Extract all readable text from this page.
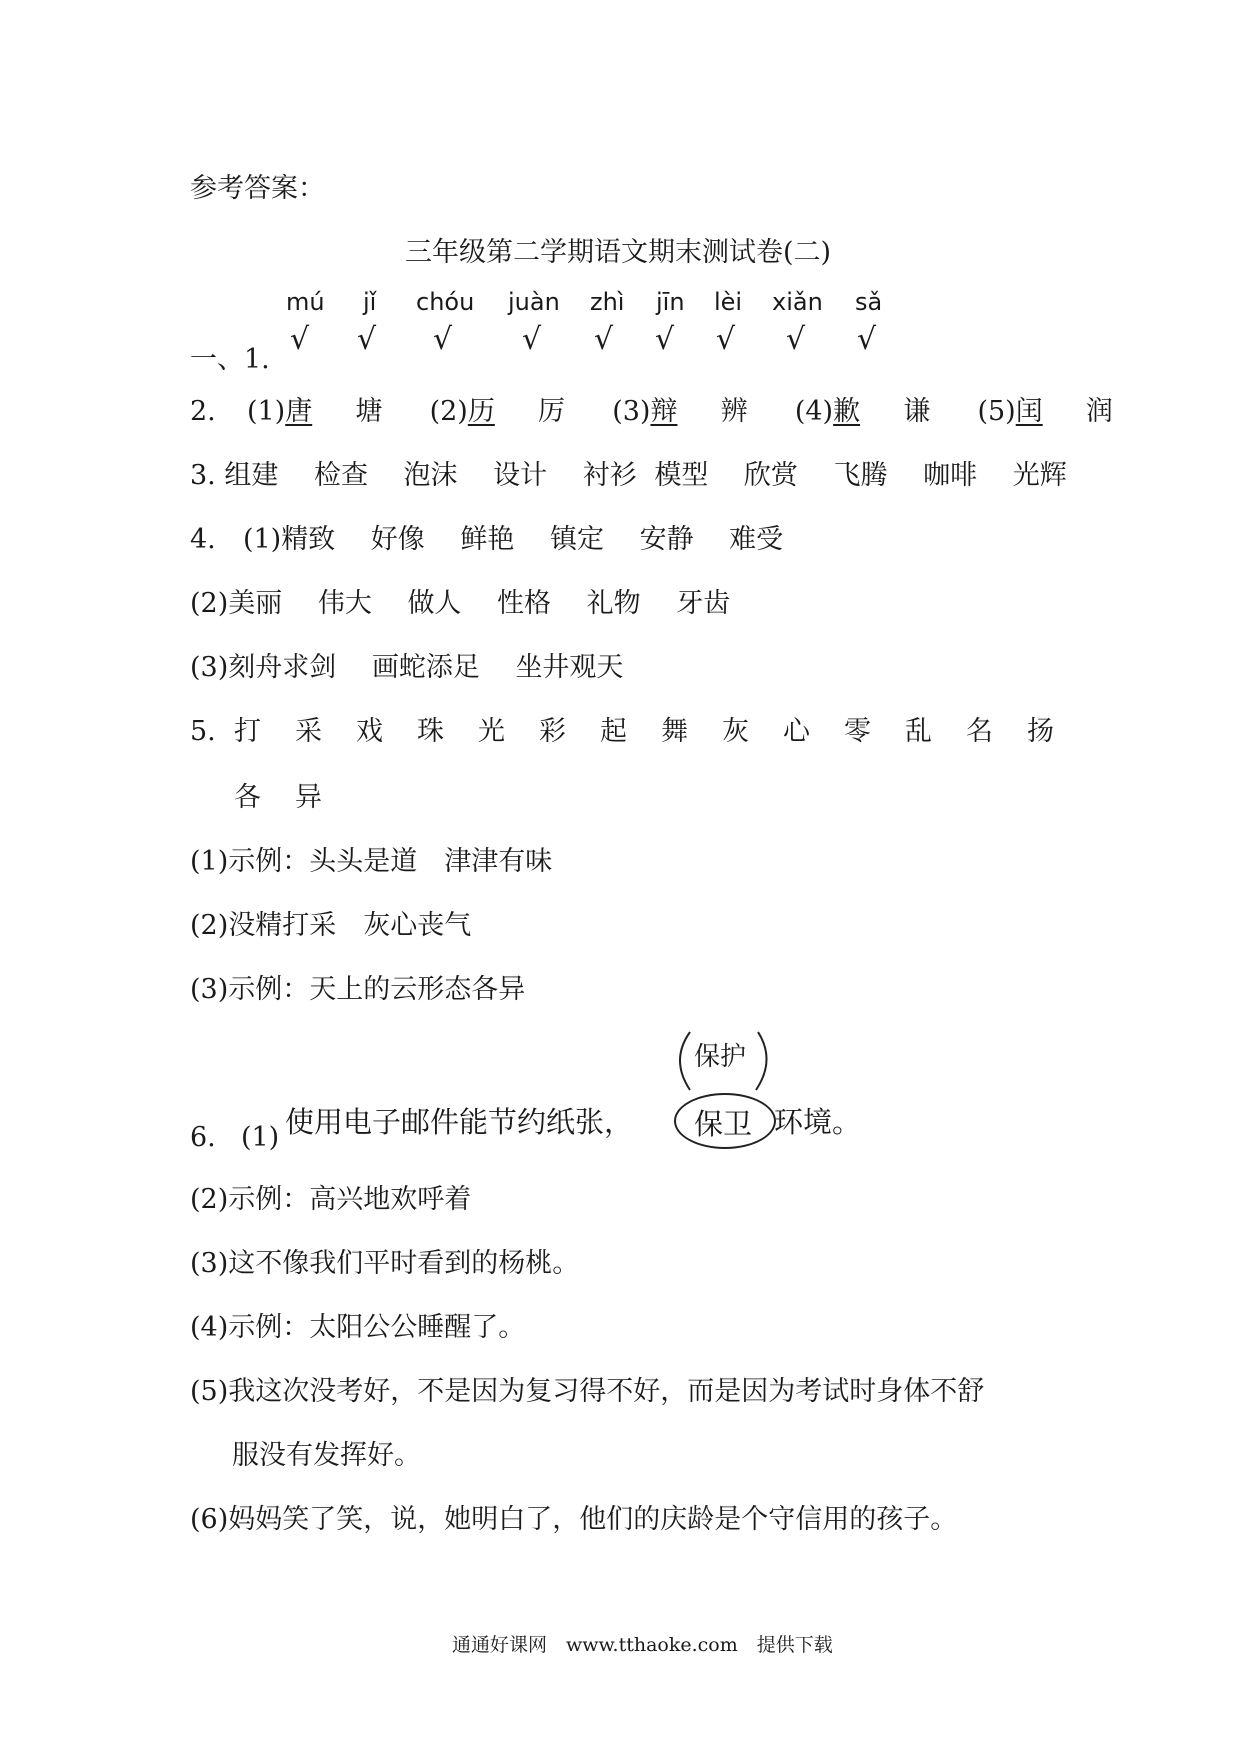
参考答案：
三年级第二学期语文期末测试卷(二)
mú jǐ chóu juàn zhì jīn lèi xiǎn sǎ
一、1.
√ √ √ √ √ √ √ √ √
2. (1)唐 塘 (2)历 厉 (3)辩 辨 (4)歉 谦 (5)闰 润
3. 组建 检查 泡沫 设计 衬衫 模型 欣赏 飞腾 咖啡 光辉
4. (1)精致 好像 鲜艳 镇定 安静 难受
(2)美丽 伟大 做人 性格 礼物 牙齿
(3)刻舟求剑 画蛇添足 坐井观天
5. 打 采 戏 珠 光 彩 起 舞 灰 心 零 乱 名 扬
各 异
(1)示例：头头是道　津津有味
(2)没精打采　灰心丧气
(3)示例：天上的云形态各异
6. (1) 使用电子邮件能节约纸张， 保卫 环境。
保护
(2)示例：高兴地欢呼着
(3)这不像我们平时看到的杨桃。
(4)示例：太阳公公睡醒了。
(5)我这次没考好，不是因为复习得不好，而是因为考试时身体不舒
服没有发挥好。
(6)妈妈笑了笑，说，她明白了，他们的庆龄是个守信用的孩子。
通通好课网　www.tthaoke.com　提供下载
